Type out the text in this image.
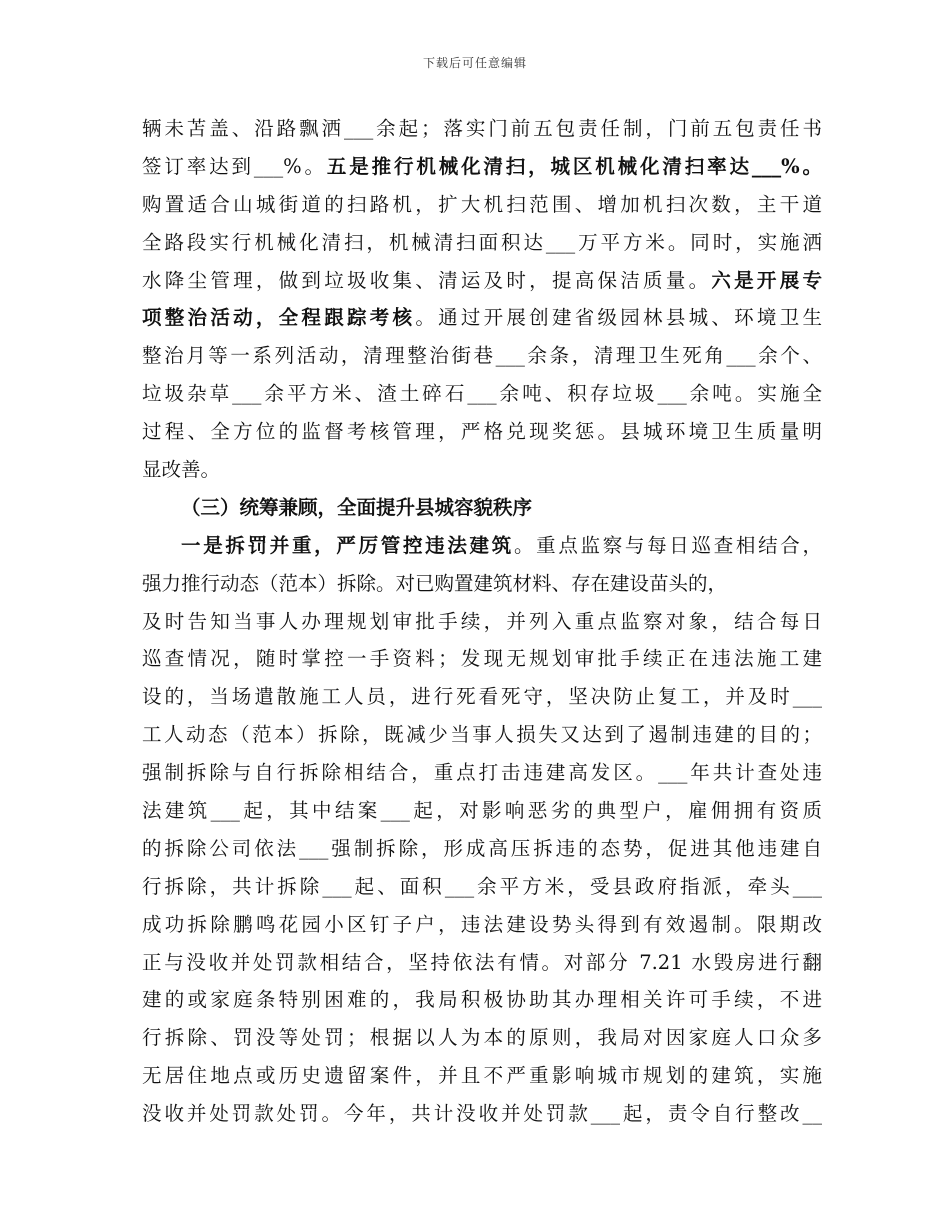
下载后可任意编辑
辆未苫盖、沿路飘洒___余起；落实门前五包责任制，门前五包责任书
签订率达到___%。五是推行机械化清扫，城区机械化清扫率达___%。
购置适合山城街道的扫路机，扩大机扫范围、增加机扫次数，主干道
全路段实行机械化清扫，机械清扫面积达___万平方米。同时，实施洒
水降尘管理，做到垃圾收集、清运及时，提高保洁质量。六是开展专
项整治活动，全程跟踪考核。通过开展创建省级园林县城、环境卫生
整治月等一系列活动，清理整治街巷___余条，清理卫生死角___余个、
垃圾杂草___余平方米、渣土碎石___余吨、积存垃圾___余吨。实施全
过程、全方位的监督考核管理，严格兑现奖惩。县城环境卫生质量明
显改善。
（三）统筹兼顾，全面提升县城容貌秩序
一是拆罚并重，严厉管控违法建筑。重点监察与每日巡查相结合，
强力推行动态（范本）拆除。对已购置建筑材料、存在建设苗头的，
及时告知当事人办理规划审批手续，并列入重点监察对象，结合每日
巡查情况，随时掌控一手资料；发现无规划审批手续正在违法施工建
设的，当场遣散施工人员，进行死看死守，坚决防止复工，并及时___
工人动态（范本）拆除，既减少当事人损失又达到了遏制违建的目的；
强制拆除与自行拆除相结合，重点打击违建高发区。___年共计查处违
法建筑___起，其中结案___起，对影响恶劣的典型户，雇佣拥有资质
的拆除公司依法___强制拆除，形成高压拆违的态势，促进其他违建自
行拆除，共计拆除___起、面积___余平方米，受县政府指派，牵头___
成功拆除鹏鸣花园小区钉子户，违法建设势头得到有效遏制。限期改
正与没收并处罚款相结合，坚持依法有情。对部分 7.21 水毁房进行翻
建的或家庭条特别困难的，我局积极协助其办理相关许可手续，不进
行拆除、罚没等处罚；根据以人为本的原则，我局对因家庭人口众多
无居住地点或历史遗留案件，并且不严重影响城市规划的建筑，实施
没收并处罚款处罚。今年，共计没收并处罚款___起，责令自行整改__
